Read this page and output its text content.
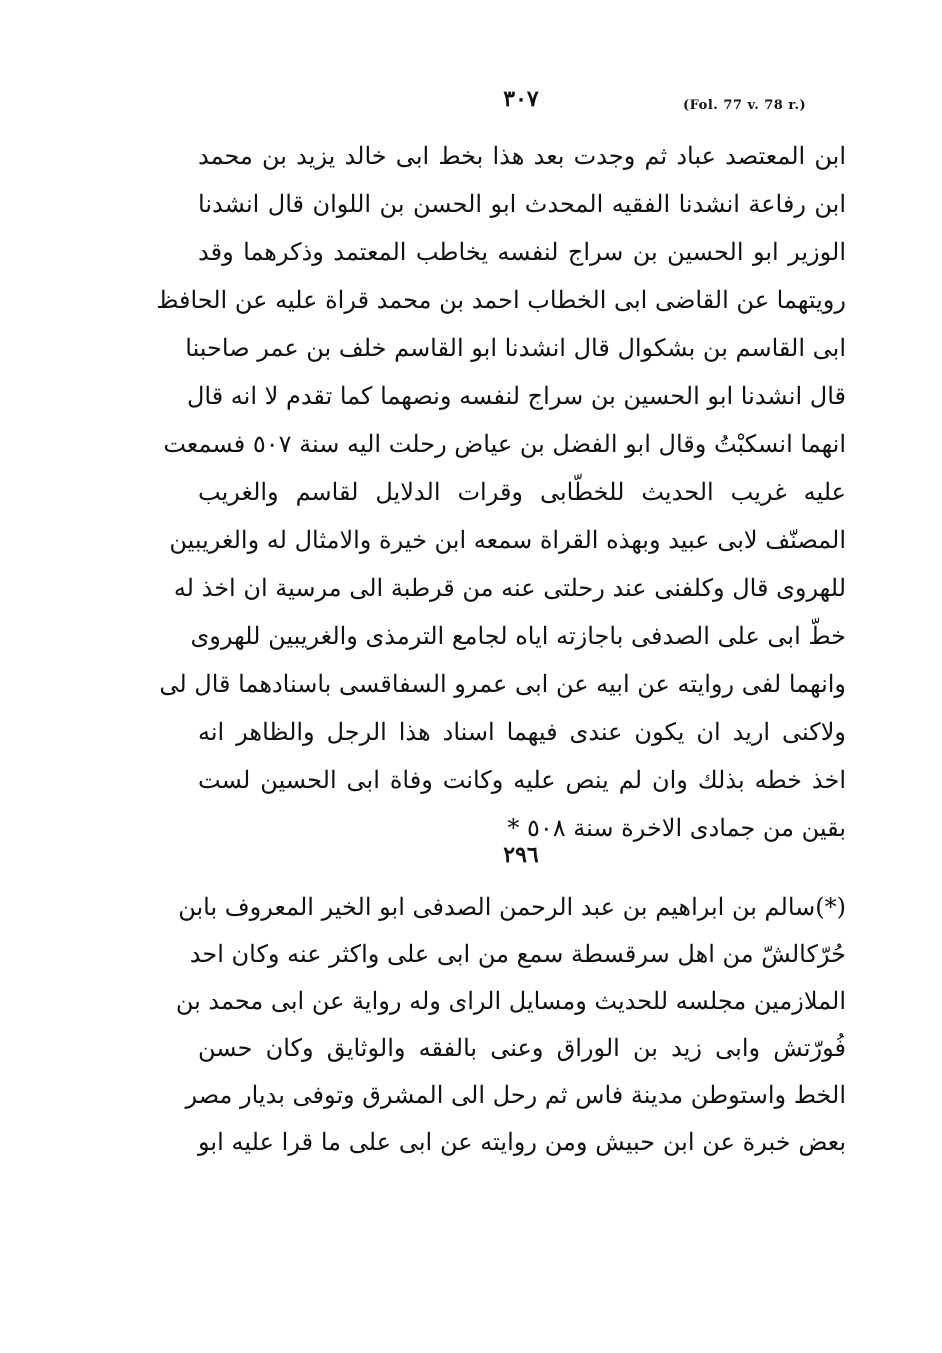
٣٠٧	(Fol. 77 v. 78 r.)
ابن المعتصد عباد ثم وجدت بعد هذا بخط ابى خالد يزيد بن محمد
ابن رفاعة انشدنا الفقيه المحدث ابو الحسن بن اللوان قال انشدنا
الوزير ابو الحسين بن سراج لنفسه يخاطب المعتمد وذكرهما وقد
رويتهما عن القاضى ابى الخطاب احمد بن محمد قراة عليه عن الحافظ
ابى القاسم بن بشكوال قال انشدنا ابو القاسم خلف بن عمر صاحبنا
قال انشدنا ابو الحسين بن سراج لنفسه ونصهما كما تقدم لا انه قال
انهما انسكبْتُ وقال ابو الفضل بن عياض رحلت اليه سنة ٥٠٧ فسمعت
عليه غريب الحديث للخطّابى وقرات الدلايل لقاسم والغريب
المصنّف لابى عبيد وبهذه القراة سمعه ابن خيرة والامثال له والغريبين
للهروى قال وكلفنى عند رحلتى عنه من قرطبة الى مرسية ان اخذ له
خطّ ابى على الصدفى باجازته اياه لجامع الترمذى والغريبين للهروى
وانهما لفى روايته عن ابيه عن ابى عمرو السفاقسى باسنادهما قال لى
ولاكنى اريد ان يكون عندى فيهما اسناد هذا الرجل والظاهر انه
اخذ خطه بذلك وان لم ينص عليه وكانت وفاة ابى الحسين لست
بقين من جمادى الاخرة سنة ٥٠٨ *
٢٩٦
(*)سالم بن ابراهيم بن عبد الرحمن الصدفى ابو الخير المعروف بابن
حُرّكالشّ من اهل سرقسطة سمع من ابى على واكثر عنه وكان احد
الملازمين مجلسه للحديث ومسايل الراى وله رواية عن ابى محمد بن
فُورّتش وابى زيد بن الوراق وعنى بالفقه والوثايق وكان حسن
الخط واستوطن مدينة فاس ثم رحل الى المشرق وتوفى بديار مصر
بعض خبرة عن ابن حبيش ومن روايته عن ابى على ما قرا عليه ابو
